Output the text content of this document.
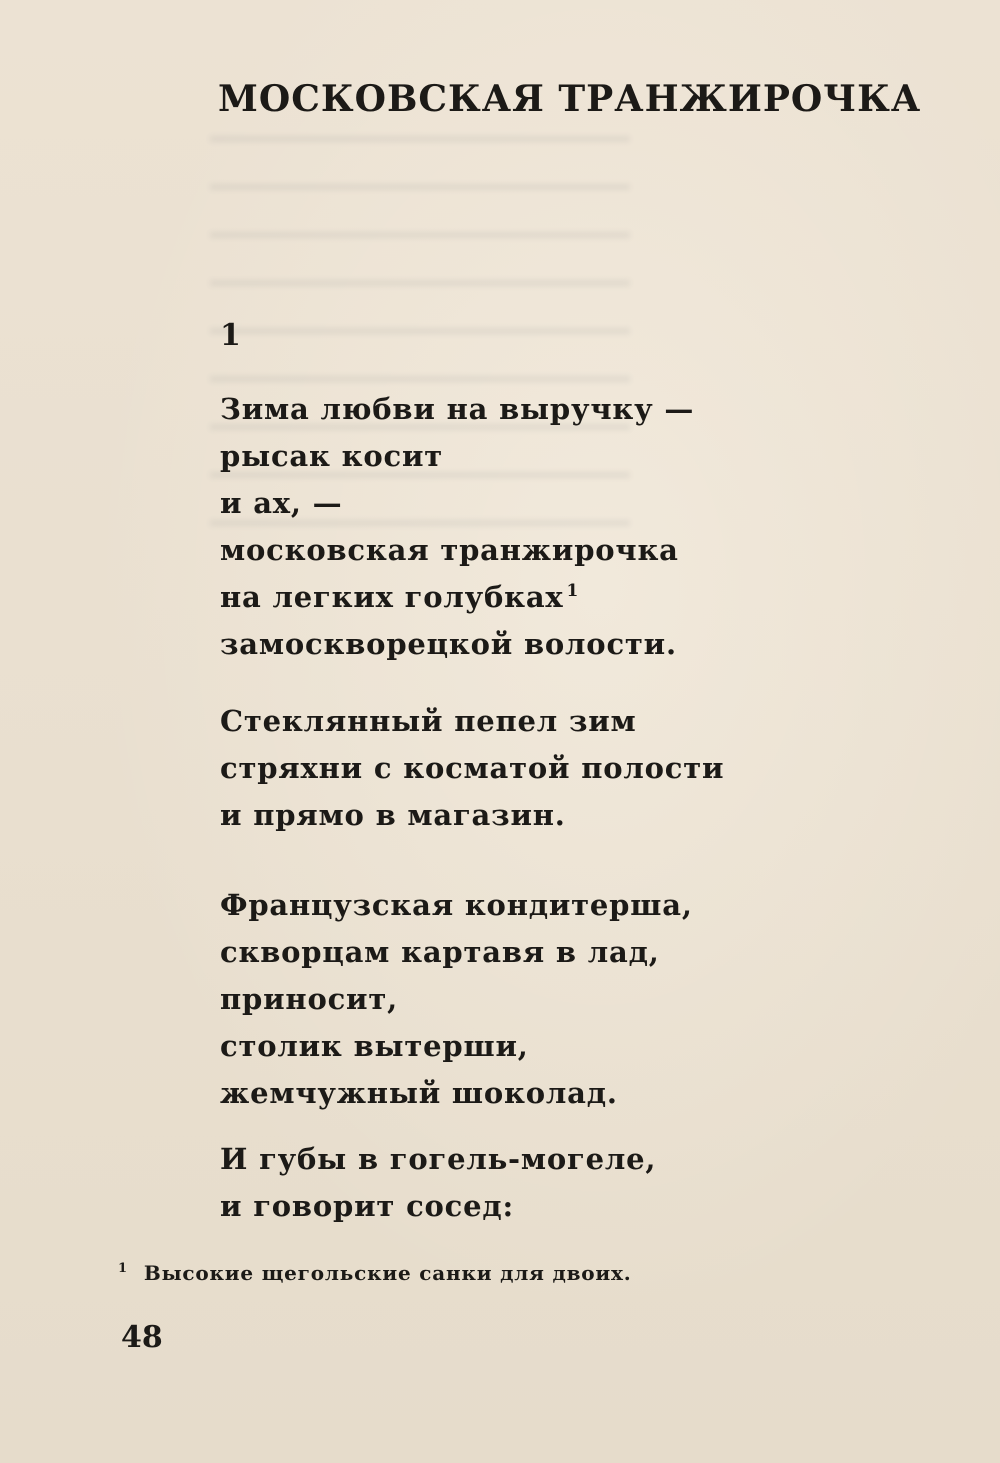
МОСКОВСКАЯ ТРАНЖИРОЧКА

1

Зима любви на выручку —
рысак косит
и ах, —
московская транжирочка
на легких голубках $^1$
замоскворецкой волости.
Стеклянный пепел зим
стряхни с косматой полости
и прямо в магазин.
Французская кондитерша,
скворцам картавя в лад,
приносит,
столик вытерши,
жемчужный шоколад.
И губы в гогель-могеле,
и говорит сосед:
$^1$ Высокие щегольские санки для двоих.

48
